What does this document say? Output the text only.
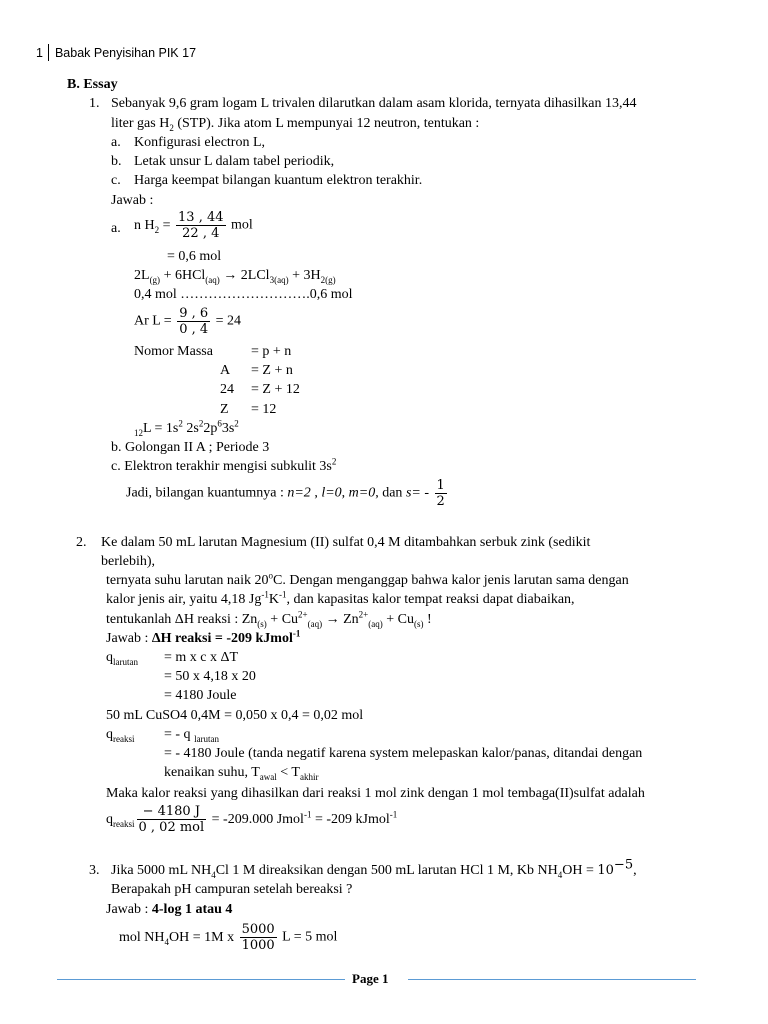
1 Babak Penyisihan PIK 17
B. Essay
1. Sebanyak 9,6 gram logam L trivalen dilarutkan dalam asam klorida, ternyata dihasilkan 13,44
liter gas $H_2$ (STP). Jika atom L mempunyai 12 neutron, tentukan :
a. Konfigurasi electron L,
b. Letak unsur L dalam tabel periodik,
c. Harga keempat bilangan kuantum elektron terakhir.
Jawab :
a. n $H_2 = \frac{13 , 44}{22 , 4}$ mol
= 0,6 mol
$2L_{(g)} + 6HCl_{(aq)} \to 2LCl_{3(aq)} + 3H_{2(g)}$
0,4 mol ……………………….0,6 mol
Ar $L = \frac{9 , 6}{0 , 4} = 24$
Nomor Massa	= p + n
A = Z + n
24 = Z + 12
Z = 12
$_{12}L = 1s^2$ $2s^22p^63s^2$
b. Golongan II A ; Periode 3
c. Elektron terakhir mengisi subkulit $3s^2$
Jadi, bilangan kuantumnya : n=2 , l=0, m=0, dan $s= - \frac{1}{2}$
2. Ke dalam 50 mL larutan Magnesium (II) sulfat 0,4 M ditambahkan serbuk zink (sedikit
berlebih),
ternyata suhu larutan naik 20$^o$C. Dengan menganggap bahwa kalor jenis larutan sama dengan
kalor jenis air, yaitu 4,18 $Jg^{-1}K^{-1}$, dan kapasitas kalor tempat reaksi dapat diabaikan,
tentukanlah ΔH reaksi : $Zn_{(s)} + Cu^{2+}_{(aq)} \to Zn^{2+}_{(aq)} + Cu_{(s)}$ !
Jawab : ΔH reaksi = -209 kJmol$^{-1}$
$q_{larutan} = m$ x c x ΔT
= 50 x 4,18 x 20
= 4180 Joule
50 mL CuSO4 0,4M = 0,050 x 0,4 = 0,02 mol
$q_{reaksi}$ = - q $_{larutan}$
= - 4180 Joule (tanda negatif karena system melepaskan kalor/panas, ditandai dengan
kenaikan suhu, $T_{awal} < T_{akhir}$
Maka kalor reaksi yang dihasilkan dari reaksi 1 mol zink dengan 1 mol tembaga(II)sulfat adalah
$q_{reaksi}$
− 4180 J
0 , 02 mol
= -209.000 Jmol$^{-1}$ = -209 kJmol$^{-1}$
3. Jika 5000 mL $NH_4Cl$ 1 M direaksikan dengan 500 mL larutan HCl 1 M, Kb $NH_4OH = 10^{-5}$,
Berapakah pH campuran setelah bereaksi ?
Jawab : 4-log 1 atau 4
mol $NH_4OH = 1M$ x $\frac{5000}{1000}$ L = 5 mol
Page 1
